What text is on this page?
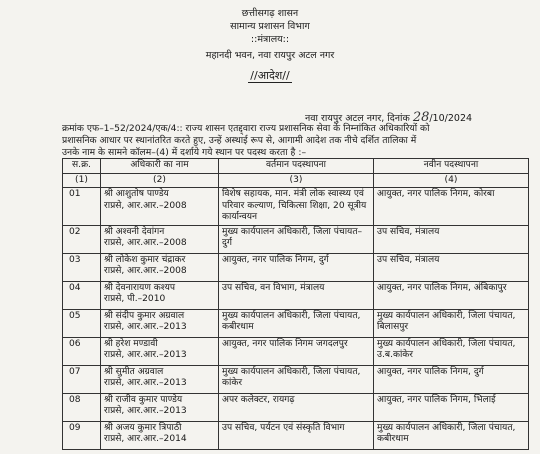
छत्तीसगढ़ शासन
सामान्य प्रशासन विभाग
::मंत्रालय::
महानदी भवन, नवा रायपुर अटल नगर
//आदेश//
नवा रायपुर अटल नगर, दिनांक 28/10/2024
क्रमांक एफ–1–52/2024/एक/4:: राज्य शासन एतद्द्वारा राज्य प्रशासनिक सेवा के निम्नांकित अधिकारियों को
प्रशासनिक आधार पर स्थानांतरित करते हुए, उन्हें अस्थाई रूप से, आगामी आदेश तक नीचे दर्शित तालिका में
उनके नाम के सामने कॉलम–(4) में दर्शाये गये स्थान पर पदस्थ करता है :–
स.क्र.	अधिकारी का नाम	वर्तमान पदस्थापना	नवीन पदस्थापना
(1)	(2)	(3)	(4)
01	श्री आशुतोष पाण्डेय
राप्रसे, आर.आर.–2008	विशेष सहायक, मान. मंत्री लोक स्वास्थ्य एवं परिवार कल्याण, चिकित्सा शिक्षा, 20 सूत्रीय कार्यान्वयन	आयुक्त, नगर पालिक निगम, कोरबा
02	श्री अश्वनी देवांगन
राप्रसे, आर.आर.–2008	मुख्य कार्यपालन अधिकारी, जिला पंचायत–दुर्ग	उप सचिव, मंत्रालय
03	श्री लोकेश कुमार चंद्राकर
राप्रसे, आर.आर.–2008	आयुक्त, नगर पालिक निगम, दुर्ग	उप सचिव, मंत्रालय
04	श्री देवनारायण कश्यप
राप्रसे, पी.–2010	उप सचिव, वन विभाग, मंत्रालय	आयुक्त, नगर पालिक निगम, अंबिकापुर
05	श्री संदीप कुमार अग्रवाल
राप्रसे, आर.आर.–2013	मुख्य कार्यपालन अधिकारी, जिला पंचायत, कबीरधाम	मुख्य कार्यपालन अधिकारी, जिला पंचायत, बिलासपुर
06	श्री हरेश मण्डावी
राप्रसे, आर.आर.–2013	आयुक्त, नगर पालिक निगम जगदलपुर	मुख्य कार्यपालन अधिकारी, जिला पंचायत, उ.ब.कांकेर
07	श्री सुमीत अग्रवाल
राप्रसे, आर.आर.–2013	मुख्य कार्यपालन अधिकारी, जिला पंचायत, कांकेर	आयुक्त, नगर पालिक निगम, दुर्ग
08	श्री राजीव कुमार पाण्डेय
राप्रसे, आर.आर.–2013	अपर कलेक्टर, रायगढ़	आयुक्त, नगर पालिक निगम, भिलाई
09	श्री अजय कुमार त्रिपाठी
राप्रसे, आर.आर.–2014	उप सचिव, पर्यटन एवं संस्कृति विभाग	मुख्य कार्यपालन अधिकारी, जिला पंचायत, कबीरधाम
